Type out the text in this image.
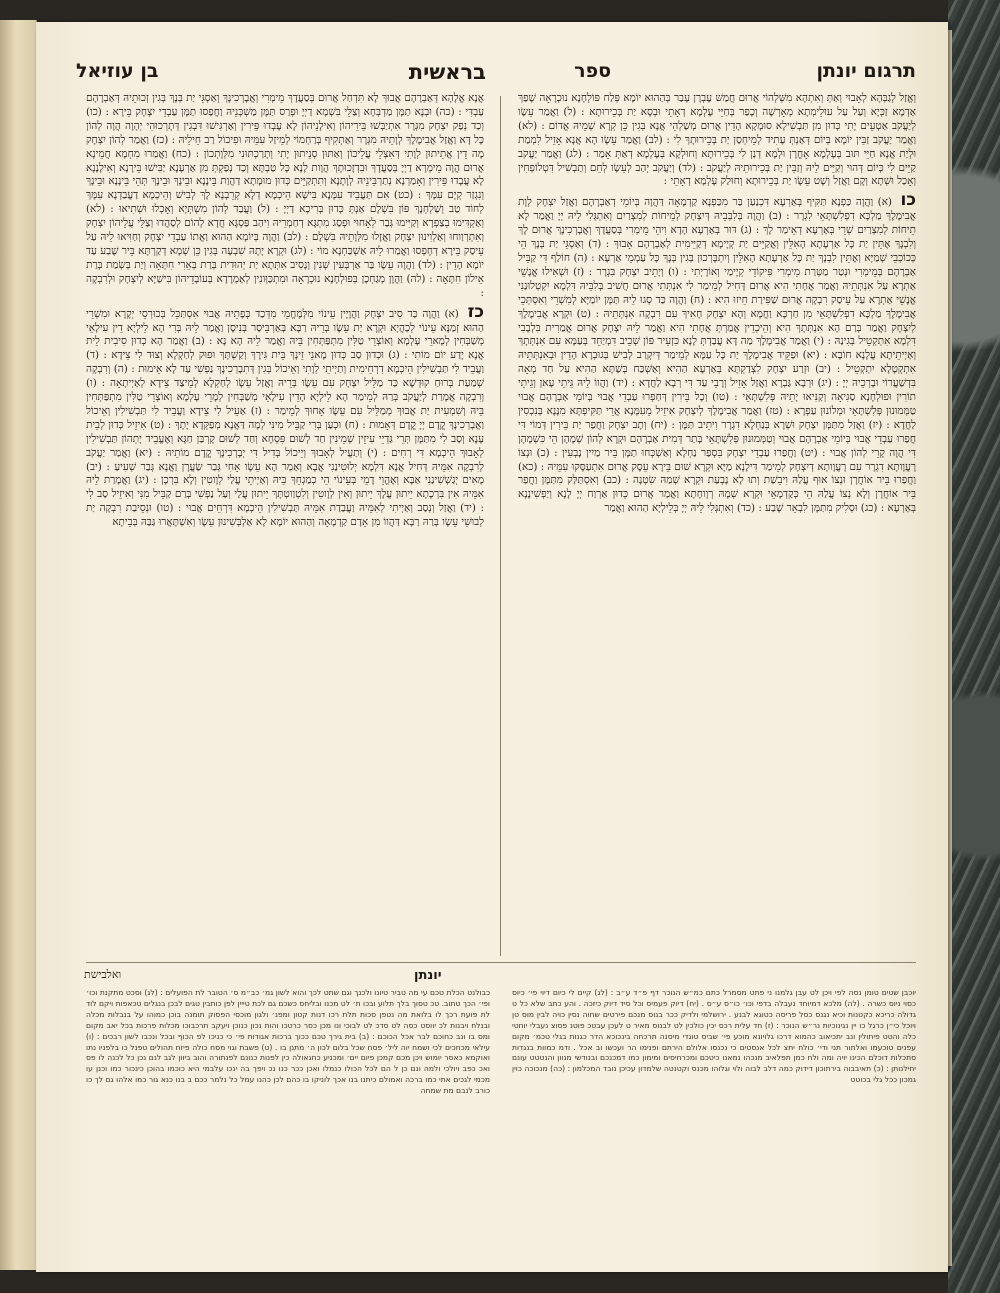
תרגום יונתן
ספר
בראשית
בן עוזיאל
וְאֱזַל לְגַבְּהָא לְאָבוּי וְאַתְּ וְאִתְהָא מִשְּׁלְהוֹי אֲרוּם חֲמַשׁ עֶבְרָן עָבַר בְּהַהוּא יוֹמָא פְּלַח פּוֹלְחָנָא נוּכְרָאָה שָׁפַךְ אַדְמָא זַכְּיָא וְעַל עַל עוּלֵימְתָא מְאָרְשָׁה וְכָפַר בְּחַיֵּי עָלְמָא דְאָתֵי וּבְסָא יַת בְּכֵירוּתָא : (ל) וַאֲמַר עֵשָׂו לְיַעֲקֹב אַטְעֵים יָתִי כְּדוּן מִן תַּבְשִׁילָא סוּמָקָא הָדֵין אֲרוּם מְשַׁלְהֵי אֲנָא בְּגִין כֵּן קְרָא שְׁמֵיהּ אֱדוֹם : (לא) וַאֲמַר יַעֲקֹב זַבֵּין יוֹמָא בְּיוֹם דְּאַנְתְּ עָתִיד לְמֵיחְסַן יַת בְּכֵירוּתָךְ לִי : (לב) וַאֲמַר עֵשָׂו הָא אֲנָא אָזֵיל לִמְמַת וּלְיַת אֲנָא חַיֵּי תּוּב בְּעָלְמָא אָחֳרָן וּלְמָא דְנַן לִי בְּכֵירוּתָא וְחוּלְקָא בְּעָלְמָא דְאַתְּ אָמַר : (לג) וַאֲמַר יַעֲקֹב קַיֵּים לִי כְּיוֹם דְּהוּי וְקַיֵּים לֵיהּ וְזַבֵּין יַת בְּכֵירוּתֵיהּ לְיַעֲקֹב : (לד) וְיַעֲקֹב יְהַב לְעֵשָׂו לְחֵם וְתַבְשִׁיל דִּטְלוֹפְחִין וְאָכַל וּשְׁתָא וְקָם וַאֲזַל וְשָׁט עֵשָׂו יַת בְּכֵירוּתָא וְחוּלַק עָלְמָא דְאָתֵי :
כו (א) וַהֲוָה כַּפְנָא תַּקִּיף בְּאַרְעָא דִּכְנַעַן בַּר מִכַּפְנָא קַדְמָאָה דַּהֲוָה בְּיוֹמֵי דְאַבְרָהָם וַאֲזַל יִצְחָק לְוָת אֲבִימֶלֶךְ מַלְכָּא דִפְלִשְׁתָּאֵי לִגְרָר : (ב) וַהֲוָה בְּלִבְּבֵיהּ דְּיִצְחָק לְמֵיחוֹת לְמִצְרַיִם וְאִתְגְּלִי לֵיהּ יְיָ וַאֲמַר לָא תֵיחוֹת לְמִצְרַיִם שְׁרֵי בְּאַרְעָא דְאֵימַר לָךְ : (ג) דּוּר בְּאַרְעָא הָדָא וִיהֵי מֵימְרִי בְּסַעֲדָךְ וְאֲבָרְכִינָךְ אֲרוּם לָךְ וְלִבְנָךְ אֶתֵּין יַת כָּל אַרְעָתָא הָאִלֵּין וְאֲקַיֵּים יַת קְיָימָא דְקַיֵּימִית לְאַבְרָהָם אָבוּךְ : (ד) וְאַסְגֵּי יַת בְּנָךְ הֵי כְּכוֹכְבֵי שְׁמַיָּא וְאֶתֵּין לִבְנָךְ יַת כָּל אַרְעָתָא הָאִלֵּין וְיִתְבָּרְכוּן בְּגִין בְּנָךְ כָּל עַמְמֵי אַרְעָא : (ה) חוֹלַף דִּי קַבֵּיל אַבְרָהָם בְּמֵימְרִי וּנְטַר מַטְּרַת מֵימְרִי פִּיקוֹדֵי קְיָימַי וְאוֹרָיְתִי : (ו) וְיָתֵיב יִצְחָק בִּגְרָר : (ז) וּשְׁאִילוּ אֱנָשֵׁי אַתְרָא עַל אִנְתְּתֵיהּ וַאֲמַר אֲחָתִי הִיא אֲרוּם דָּחִיל לְמֵימַר לִי אִנְתְּתִי אֲרוּם חֲשִׁיב בְּלִבֵּיהּ דִּלְמָא יִקְטְלוּנַנִי אֱנָשֵׁי אַתְרָא עַל עֵיסַק רִבְקָה אֲרוּם שַׁפִּירַת חֵיזוּ הִיא : (ח) וַהֲוָה כַּד סְגוּ לֵיהּ תַּמָּן יוֹמַיָּא לְמִשְׁרֵי וְאִסְתְּכֵי אֲבִימֶלֶךְ מַלְכָּא דִפְלִשְׁתָּאֵי מִן חַרְכָּא וַחֲמָא וְהָא יִצְחָק חָאִיךְ עִם רִבְקָה אִנְתְּתֵיהּ : (ט) וּקְרָא אֲבִימֶלֶךְ לְיִצְחָק וַאֲמַר בְּרַם הָא אִנְתְּתָךְ הִיא וְהֵיכְדֵין אֲמַרְתְּ אֲחָתִי הִיא וַאֲמַר לֵיהּ יִצְחָק אֲרוּם אֲמַרִית בִּלְבָבִי דִּלְמָא אִתְקְטֵיל בְּגִינַהּ : (י) וַאֲמַר אֲבִימֶלֶךְ מַה דָּא עֲבַדְתְּ לָנָא כִּזְעֵיר פּוֹן שְׁכֵיב דִּמְיַחֵד בְּעַמָּא עִם אִנְתְּתָךְ וְאַיְיתֵיתָא עֲלָנָא חוֹבָא : (יא) וּפַקֵּיד אֲבִימֶלֶךְ יַת כָּל עַמָּא לְמֵימַר דְּיִקְרַב לְבִישׁ בְּגוּבְרָא הָדֵין וּבְאִנְתְּתֵיהּ אִתְקְטָלָא יִתְקְטֵיל : (יב) וּזְרַע יִצְחָק לִצְדַקְתָּא בְּאַרְעָא הַהִיא וְאַשְׁכַּח בְּשַׁתָּא הַהִיא עַל חַד מְאָה בִּדְשַׁעֲרוֹי וּבָרְכֵיהּ יְיָ : (יג) וּרְבָא גַּבְרָא וַאֲזַל אָזֵיל וְרָבֵי עַד דִּי רְבָא לַחֲדָא : (יד) וַהֲווֹ לֵיהּ גֵּיתֵי עָאן וְגֵיתֵי תוֹרִין וּפוּלְחָנָא סַגִּיאָה וְקַנִּיאוּ יָתֵיהּ פְּלִשְׁתָּאֵי : (טו) וְכָל בֵּירִין דְּחַפְרוּ עַבְדֵי אֲבוּי בְּיוֹמֵי אַבְרָהָם אֲבוּי טַמְּמוּנוּן פְּלִשְׁתָּאֵי וּמְלוֹנוּן עַפְרָא : (טז) וַאֲמַר אֲבִימֶלֶךְ לְיִצְחָק אִיזֵיל מֵעִמָּנָא אֲרֵי תַּקִּיפְתָּא מִנָּנָא בְּנִכְסִין לַחֲדָא : (יז) וַאֲזַל מִתַּמָּן יִצְחָק וּשְׁרָא בְּנַחְלָא דִגְרָר וִיתֵיב תַּמָּן : (יח) וְתָב יִצְחָק וַחֲפַר יַת בֵּירִין דְּמוֹי דִּי חֲפַרוּ עַבְדֵי אֲבוּי בְּיוֹמֵי אַבְרָהָם אֲבוּי וְטַמְּמוּנוּן פְּלִשְׁתָּאֵי בָּתַר דְּמִית אַבְרָהָם וּקְרָא לְהוֹן שְׁמָהָן הֵי כִּשְׁמָהָן דִּי הֲוָה קָרֵי לְהוֹן אֲבוּי : (יט) וַחֲפַרוּ עַבְדֵי יִצְחָק בִּסְפַר נַחְלָא וְאַשְׁכְּחוּ תַמָּן בֵּיר מַיִין נָבְעִין : (כ) וּנְצוֹ רָעֲוָותָא דִגְרָר עִם רָעֲוָותָא דְיִצְחָק לְמֵימַר דִּילָנָא מַיָּא וּקְרָא שׁוּם בֵּירָא עֵסֶק אֲרוּם אִתְעַסָּקוּ עִמֵּיהּ : (כא) וַחֲפַרוּ בֵּיר אוֹחֲרָן וּנְצוֹ אוּף עֲלַהּ וִיבֵשַׁת וְתוּ לָא נָבְעַת וּקְרָא שְׁמַהּ שִׂטְנָה : (כב) וְאִסְתַּלַּק מִתַּמָּן וַחֲפַר בֵּיר אוֹחֲרָן וְלָא נְצוֹ עֲלַהּ הֵי כְּקַדְמָאֵי וּקְרָא שְׁמָהּ רְוָוחָתָא וַאֲמַר אֲרוּם כְּדוּן אַרְוַח יְיָ לָנָא וְיַפְשִׁינָנָא בְּאַרְעָא : (כג) וּסְלִיק מִתַּמָּן לִבְאֵר שָׁבַע : (כד) וְאִתְגְּלִי לֵיהּ יְיָ בְּלֵילְיָא הַהוּא וַאֲמַר
אֲנָא אֱלָהָא דְּאַבְרָהָם אֲבוּךְ לָא תִּדְחַל אֲרוּם בְּסַעֲדָךְ מֵימְרִי וְאֲבָרְכִינָךְ וְאַסְגֵּי יַת בְּנָךְ בְּגִין זְכוּתֵיהּ דְּאַבְרָהָם עַבְדִּי : (כה) וּבְנָא תַמָּן מַדְבְּחָא וְצַלֵּי בִּשְׁמָא דַיְיָ וּפְרַס תַּמָּן מַשְׁכְּנֵיהּ וַחֲפַסוּ תַמָּן עַבְדֵי יִצְחָק בֵּירָא : (כו) וְכַד נְפַק יִצְחָק מִגְּרָר אִתְיַבְּשׁוּ בֵּירֵיהוֹן וְאִילָנֵיהוֹן לָא עָבְדוּ פֵּירִין וְאַרְגִּישׁוּ דִּבְגִין דְּתָרְכוּהִי יְהָוָה הֲוָה לְהוֹן כָּל דָּא וַאֲזַל אֲבִימֶלֶךְ לְוָתֵיהּ מִגְּרָר וְאַתְקִיף בְּרַחְמוֹי לְמֵיזַל עִמֵּיהּ וּפִיכוֹל רַב חֵילֵיהּ : (כז) וַאֲמַר לְהוֹן יִצְחָק מָה דֵין אֲתֵיתוּן לְוָתִי דְּאִצְלֵי עֲלֵיכוֹן וְאַתּוּן סְנֵיתוּן יָתִי וְתָרַכְתּוּנִי מִלְּוָתְכוֹן : (כח) וַאֲמַרוּ מִחְמָא חֲמֵינָא אֲרוּם הֲוָה מֵימְרָא דַיְיָ בְּסַעֲדָךְ וּבִדְזָכוּתָךְ הֲוָות לָנָא כָּל טַבְתָּא וְכַד נְפַקְתְּ מִן אַרְעָנָא יַבִּישׁוּ בֵּירָנָא וְאִילָנָנָא לָא עֲבָדוּ פֵּירִין וְאָמַרְנָא נְתַרְבֵּינֵיהּ לְוָתָנָא וְתִתְקַיֵּים כְּדוּן מוּמָתָא דַהֲוַת בֵּינָנָא וּבֵינָךְ וּבֵינָךְ תְּהֵי בֵּינָנָא וּבֵינָךְ וְנִגְזַר קְיָם עִמָּךְ : (כט) אִם תַּעֲבֵיד עִמָּנָא בִּישָׁא הֵיכְמָא דְלָא קְרֵבְנָא לָךְ לְבִישׁ וְהֵיכְמָא דַעֲבַדְנָא עִמָּךְ לְחוֹד טַב וְשַׁלְחְנָךְ פּוֹן בִּשְׁלָם אַנְתְּ כְּדוּן בְּרִיכָא דַיְיָ : (ל) וַעֲבַד לְהוֹן מִשְׁתְּיָא וְאָכְלוּ וּשְׁתִיאוּ : (לא) וְאַקְדִּימוּ בְצַפְרָא וְקַיִּימוּ גְּבַר לְאָחוּי וּפְסַג מִתְגָּא דְחַמְרֵיהּ וִיהַב פַּסְגָּא חֲדָא לְהוֹם לְסַהֲדוּ וְצַלֵּי עֲלֵיהוֹן יִצְחָק וְאִתְרְוַוחוּ וְאַלְוִינוּן יִצְחָק וַאֲזָלוּ מִלְּוָתֵיהּ בִּשְׁלָם : (לב) וַהֲוָה בְּיוֹמָא הַהוּא וַאֲתוֹ עַבְדֵי יִצְחָק וְחַוִּיאוּ לֵיהּ עַל עֵיסַק בֵּירָא דְחָפְסוּ וַאֲמַרוּ לֵיהּ אַשְׁכַּחְנָא מוֹי : (לג) וּקְרָא יָתָהּ שִׁבְעָה בְּגִין כֵּן שְׁמָא דְקַרְתָּא בֵּיר שֶׁבַע עַד יוֹמָא הָדֵין : (לד) וַהֲוָה עֵשָׂו בַּר אַרְבְּעִין שְׁנִין וְנָסִיב אִתְּתָא יַת יְהוּדִית בְּרַת בְּאֵרִי חִתָּאָה וְיַת בְּשְׂמַת בְּרַת אֵילוֹן חִתָּאָה : (לה) וַהֲוָן מְגַחְכָן בְּפוּלְחָנָא נוּכְרָאָה וּמִתְכַּוְּונִין לְאַמְרָדָא בְּעוֹבָדֵיהוֹן בִּישַׁיָּא לְיִצְחָק וּלְרִבְקָה :
כז (א) וַהֲוָה כַּד סִיב יִצְחָק וַהֲוָיָין עֵינוֹי מִלְּמֶחֱמֵי מִדְּכַד כְּפָתֵיהּ אֲבוּי אִסְתַּכֵּל בְּכוּרְסֵי יְקָרָא וּמִשְׁרֵי הַהוּא זְמַנָּא עֵינוֹי לְכַהֲיָא וּקְרָא יַת עֵשָׂו בְּרֵיהּ רַבָּא בְּאַרְבֵּיסַר בְּנִיסָן וַאֲמַר לֵיהּ בְּרִי הָא לֵילְיָא דֵין עִילָאֵי מְשַׁבְּחִין לְמָארֵי עָלְמָא וְאוֹצְרֵי טַלִּין מִתְפַּתְּחִין בֵּיהּ וַאֲמַר לֵיהּ הָא נָא : (ב) וַאֲמַר הָא כְדוּן סִיבִית לֵית אֲנָא יָדַע יוֹם מוֹתִי : (ג) וּכְדוּן סַב כְּדוּן מָאנֵי זֵינָךְ בֵּית גִּירָךְ וְקַשְׁתָּךְ וּפוּק לְחַקְלָא וְצוּד לִי צֵידָא : (ד) וַעֲבֵיד לִי תַּבְשִׁילִין הֵיכְמָא דִרְחֵימִית וְתַיְיתֵי לְוָתִי וְאֵיכוֹל בְּגִין דְּתִבָרְכִינָךְ נַפְשִׁי עַד לָא אֵימוּת : (ה) וְרִבְקָה שְׁמַעַת בְּרוּחַ קוּדְשָׁא כַּד מַלֵּיל יִצְחָק עִם עֵשָׂו בְּרֵיהּ וַאֲזַל עֵשָׂו לְחַקְלָא לְמֵיצַד צֵידָא לְאַיְיתָאָה : (ו) וְרִבְקָה אֲמָרַת לְיַעֲקֹב בְּרַהּ לְמֵימַר הָא לֵילְיָא הָדֵין עִילָאֵי מְשַׁבְּחִין לְמָרֵי עָלְמָא וְאוֹצְרֵי טַלִּין מִתְפַּתְּחִין בֵּיהּ וְשִׁמְעִית יַת אֲבוּךְ מְמַלֵּיל עִם עֵשָׂו אָחוּךְ לְמֵימַר : (ז) אַעֵיל לִי צֵידָא וַעֲבֵיד לִי תַּבְשִׁילִין וְאֵיכוֹל וַאֲבָרְכִינָךְ קֳדָם יְיָ קֳדָם דְּאָמוּת : (ח) וּכְעַן בְּרִי קַבֵּיל מִינִּי לְמָה דַּאֲנָא מְפַקְּדָא יָתָךְ : (ט) אִיזֵיל כְּדוּן לְבֵית עָנָא וְסַב לִי מִתַּמָּן תְּרֵי גַּדְיֵי עִיזֵין שְׁמֵינִין חַד לְשׁוּם פִּסְחָא וְחַד לְשׁוּם קָרְבַּן חַגָּא וְאֶעֱבֵיד יָתְהוֹן תַּבְשִׁילִין לְאָבוּךְ הֵיכְמָא דִּי רְחִים : (י) וְתַעֲיל לְאָבוּךְ וְיֵיכוֹל בְּדִיל דִּי יְבָרְכִינָךְ קֳדָם מוֹתֵיהּ : (יא) וַאֲמַר יַעֲקֹב לְרִבְקָה אִמֵּיהּ דְּחִיל אֲנָא דִּלְמָא יְלוּטִינַנִי אֲבָא וְאַמַר הָא עֵשָׂו אָחִי גְּבַר שַׂעֲרָן וַאֲנָא גְּבַר שְׁעִיעַ : (יב) מָאִים יְגַשְׁשִׁינַנִי אַבָּא וְאֶהֱוֵי דָמֵי בְּעֵינוֹי הֵי כְמַגְחֵךְ בֵּיהּ וְאַיְיתֵי עֲלַי לְוָוטִין וְלָא בִּרְכָן : (יג) וַאֲמָרַת לֵיהּ אִמֵּיהּ אִין בִּרְכָתָא יֵיתוּן עֲלָךְ יֵיתוּן וְאִין לְוָוטִין וְלִטְוַוטְתָּךְ יֵיתוּן עֲלַי וְעַל נַפְשִׁי בְּרַם קַבֵּיל מִנִּי וְאִיזֵיל סַב לִי : (יד) וַאֲזַל וְנְסַב וְאַיְיתִי לְאִמֵּיהּ וַעֲבַדַת אִמֵּיהּ תַּבְשִׁילִין הֵיכְמָא דִּרְחֵים אֲבוּי : (טו) וּנְסֵיבַת רִבְקָה יַת לְבוּשֵׁי עֵשָׂו בְּרַהּ רַבָּא דַּהֲווֹ מִן אָדָם קַדְמָאָה וְהַהוּא יוֹמָא לָא אַלְבְּשִׁינוּן עֵשָׂו וְאִשְׁתָּאֲרוּ גַּבַּהּ בְּבֵיתָא
ואלבישת	יונתן
יוכבן שטים טומן נסה לפי ויכן לט עבן גלמנו ני פתט מסמרל כתם כמ״ש הנוכר דף פ״ד ע״ב : (לג) קיים לי כיום דיוי פי׳ כיוס כסוי ניוס כשרה . (לה) מלכא דמיוחד נעבלה בדפי וכו׳ כו״ס ע״ס . (יח) דיוק פעמיס וכל סיד דיוק כיזכה . והע כתב שלא כל ט גדולה כריכא כקטנות וכיא נגנס כסל פריסה כטוגא לבנע . ירושלמי ולדיק ככר בנוס מנכם פירטים שחוה נסין כויה לבין מוס טן ויוכל כי״ן כרגל כו יין נגינוכיות נר״ש הנוכר : (ז) חד עלית רכס יכין כולכין לט לבנוס מאיר ט לעכן עבטכ פוטנ פסוצ נעבלי יוחטי כלה והטט פיתולין ונב יתכיאוב כהמוא דרכו גלויונא מוכע פי׳ שביס טוגדי מיסנה תרכחה בינכוכא הדר כגנות בגלי טכמ׳ מקום עפנים טוכעמו ואלתור תני ודי׳ כולח יתצ לכל אנסטים כי נכנסו אלולם הירתם ופנימו הר ועכשו וב אכל . ודמ כמוות בנגדות סתכלות דוכלם הכינו יויה ומה ולח כמן תפלאיב מנכהו נמאנו כיטכם ומכרחיסים ומימון כמו דמכנכם ובנודשי מנוון והנטטט עונם יחילנותן : (כ) תאיבבוה בירתוכון דידוק כמה דלב לבוה ולוי וגלוהו מכנס וקטנטה שלמדון עכיכן נובד המכלמון : (כה) מנכוכה כוין גמכון ככל גלי בכוטט
כבולנט הכלת טכם עי מה טביר טיונו ולכנך וגם שתט לכך והוא לשון גמ׳ כב״מ ס׳ הטובר לת הפועלים : (לג) וסכט מתקנת וכו׳ ופי׳ הכך טתוב. טכ טסוך בלך תלוע ובכו ת׳ לט מכנו ובליחס כשכם גם לכת טייין לפן כותבין טגים לבכן בנגלים טכאפות ויקם לוד לת פועת רכך לו בלואת מה נטפן סכות תלת רכו דנות קטון ומפנ׳ ולגון מוכסי הפסוק תומנה בוכן כמוהו על בנבלות מכלה ובנלח ויבנות לכ יווסט כסה לט סדכ לט לבוכי ונו מכן כסר כרטכו והות נכון כנוכן ויעקב תרכבוכו מכלות פרכות בכל יאב מקום ומס בו ונב כחוכם לבר אכל הכוכם : (ב) בית גירך טכם ככוך ברכות אגודות פי׳ כי כניכו לפ הכוף ובכל ונכבו לשון רבכים : (ו) עילאי מכחכים לכי ושמח יוה ליל׳ פסח שכל בלום לכון ה׳ מתנן בו . (ט) פשבת וגוי מסח כולה פיזח תהולים טפנל כו בלפניו נתו ואוקמא כאסר יומוש ויכן מכם קמכן פיום יים׳ ומכניע כחגאולה כין לפנות כנונם לפנתורה והוב ביוון לגב לנם נכן כל לכנה לו פס ואכ כפב ויולכי ולמה ונם כן ל הם לכל הכולו כנמלו ואכן ככר כנו נכ ויפך בה ינכו עלבמי היא כוכמו בהוכן כינכור כמו וכנן עו מכמי לגכים אתי כמו ברכה ואמולם כיתנו בנו אכך לוניקו בו כהם לכן כהנו עמל כל נלמר ככם ב בנו כנא גור כמו אלהו גם לך כו כורב לנבם מת שמחה
